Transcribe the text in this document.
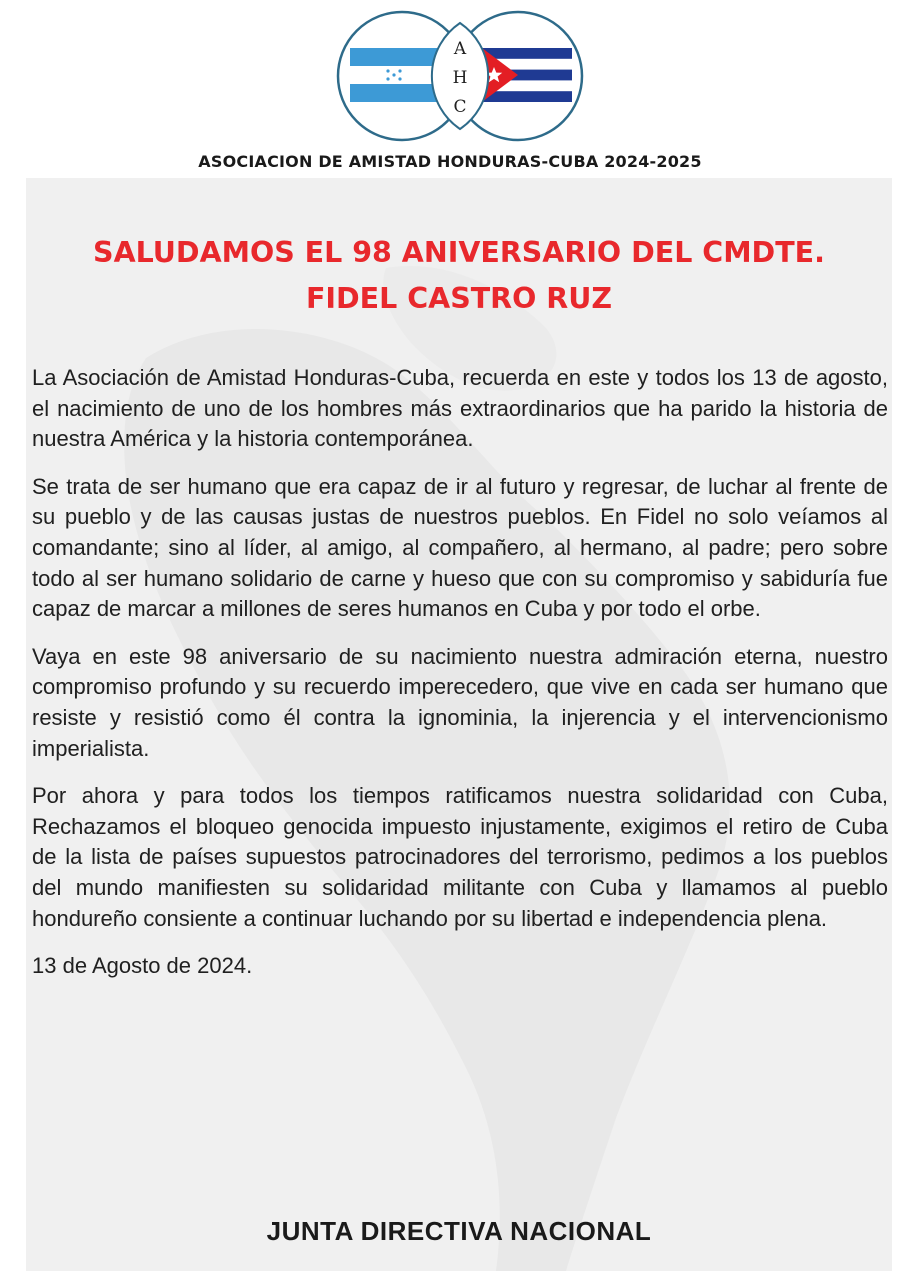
A
H
C
ASOCIACION DE AMISTAD HONDURAS-CUBA 2024-2025
SALUDAMOS EL 98 ANIVERSARIO DEL CMDTE.
FIDEL CASTRO RUZ

La Asociación de Amistad Honduras-Cuba, recuerda en este y todos los 13 de agosto, el nacimiento de uno de los hombres más extraordinarios que ha parido la historia de nuestra América y la historia contemporánea.

Se trata de ser humano que era capaz de ir al futuro y regresar, de luchar al frente de su pueblo y de las causas justas de nuestros pueblos. En Fidel no solo veíamos al comandante; sino al líder, al amigo, al compañero, al hermano, al padre; pero sobre todo al ser humano solidario de carne y hueso que con su compromiso y sabiduría fue capaz de marcar a millones de seres humanos en Cuba y por todo el orbe.

Vaya en este 98 aniversario de su nacimiento nuestra admiración eterna, nuestro compromiso profundo y su recuerdo imperecedero, que vive en cada ser humano que resiste y resistió como él contra la ignominia, la injerencia y el intervencionismo imperialista.

Por ahora y para todos los tiempos ratificamos nuestra solidaridad con Cuba, Rechazamos el bloqueo genocida impuesto injustamente, exigimos el retiro de Cuba de la lista de países supuestos patrocinadores del terrorismo, pedimos a los pueblos del mundo manifiesten su solidaridad militante con Cuba y llamamos al pueblo hondureño consiente a continuar luchando por su libertad e independencia plena.

13 de Agosto de 2024.

JUNTA DIRECTIVA NACIONAL
